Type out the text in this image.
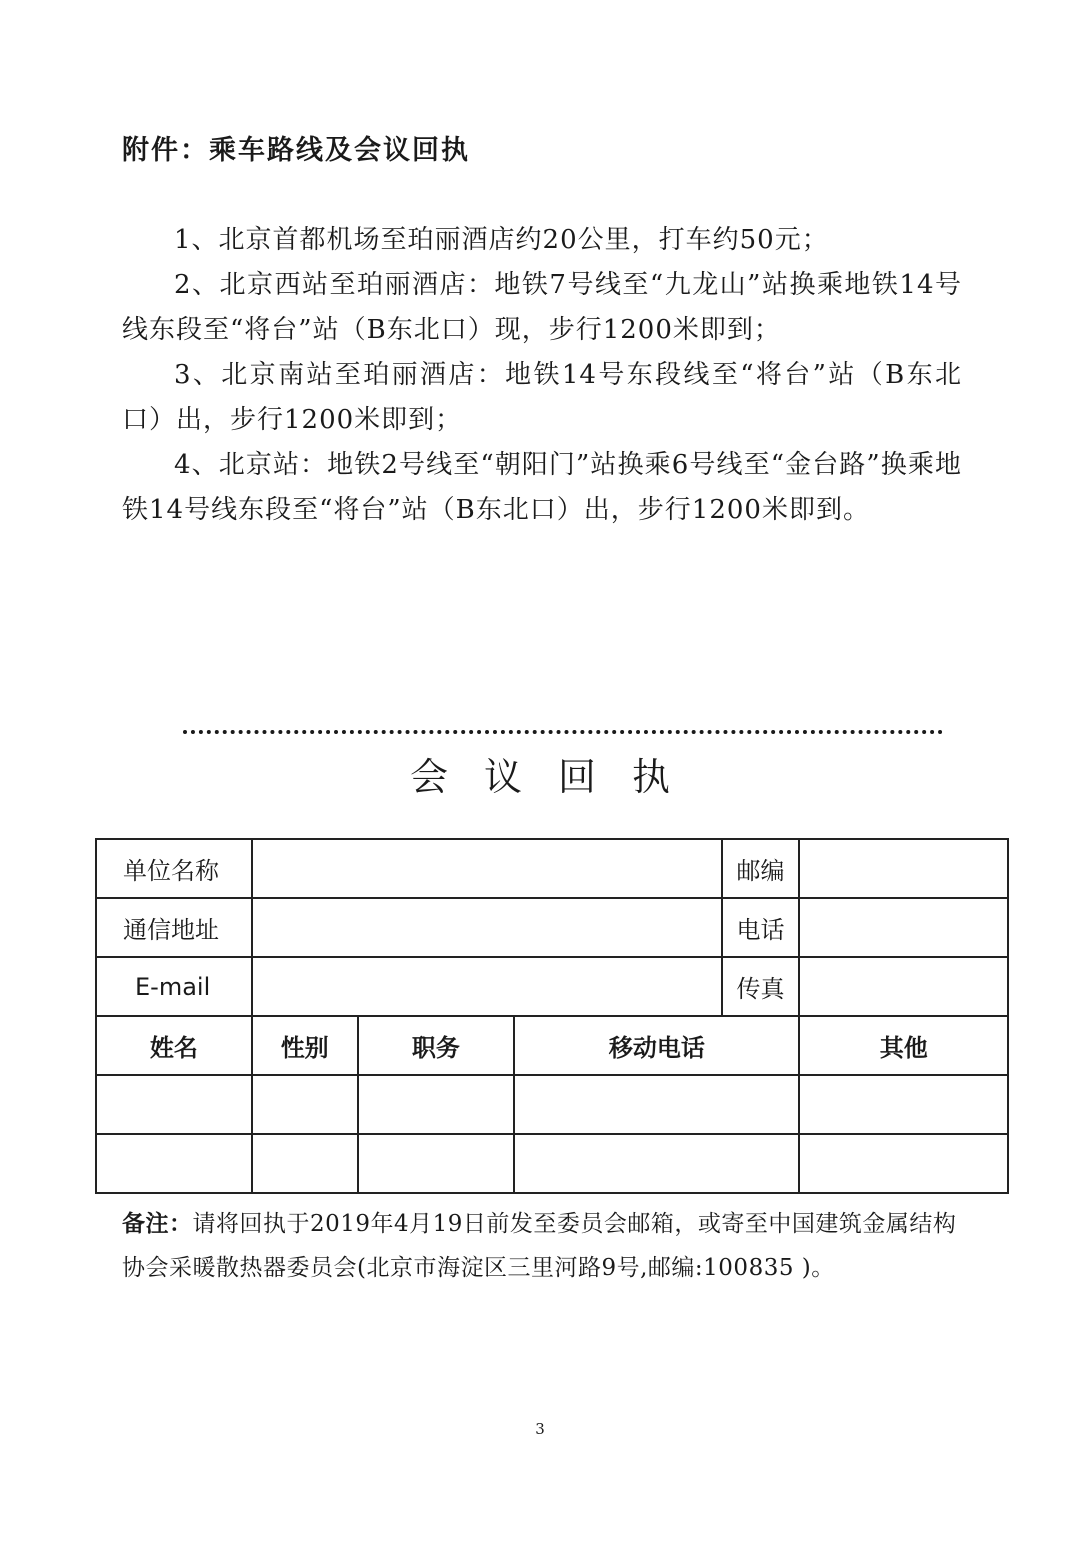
附件：乘车路线及会议回执

1、北京首都机场至珀丽酒店约20公里，打车约50元；

2、北京西站至珀丽酒店：地铁7号线至“九龙山”站换乘地铁14号线东段至“将台”站（B东北口）现，步行1200米即到；

3、北京南站至珀丽酒店：地铁14号东段线至“将台”站（B东北口）出，步行1200米即到；

4、北京站：地铁2号线至“朝阳门”站换乘6号线至“金台路”换乘地铁14号线东段至“将台”站（B东北口）出，步行1200米即到。

会议回执
单位名称				邮编	
通信地址				电话	
E-mail				传真	
姓名	性别	职务	移动电话		其他

备注：请将回执于2019年4月19日前发至委员会邮箱，或寄至中国建筑金属结构协会采暖散热器委员会(北京市海淀区三里河路9号,邮编:100835 )。
3
